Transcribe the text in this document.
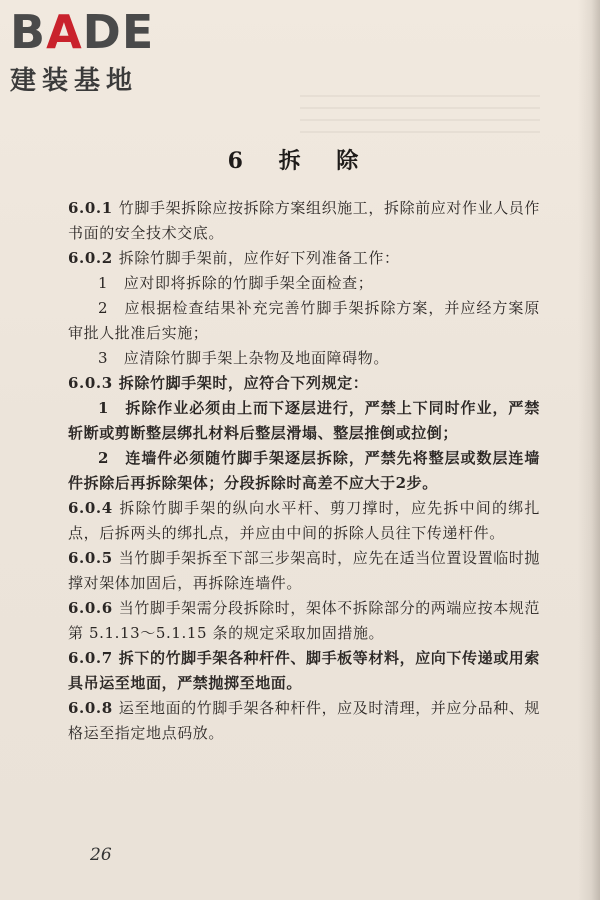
BADE
建装基地
6 拆 除

6.0.1 竹脚手架拆除应按拆除方案组织施工，拆除前应对作业人员作书面的安全技术交底。

6.0.2 拆除竹脚手架前，应作好下列准备工作：

1　应对即将拆除的竹脚手架全面检查；

2　应根据检查结果补充完善竹脚手架拆除方案，并应经方案原审批人批准后实施；

3　应清除竹脚手架上杂物及地面障碍物。

6.0.3 拆除竹脚手架时，应符合下列规定：

1　拆除作业必须由上而下逐层进行，严禁上下同时作业，严禁斩断或剪断整层绑扎材料后整层滑塌、整层推倒或拉倒；

2　连墙件必须随竹脚手架逐层拆除，严禁先将整层或数层连墙件拆除后再拆除架体；分段拆除时高差不应大于2步。

6.0.4 拆除竹脚手架的纵向水平杆、剪刀撑时，应先拆中间的绑扎点，后拆两头的绑扎点，并应由中间的拆除人员往下传递杆件。

6.0.5 当竹脚手架拆至下部三步架高时，应先在适当位置设置临时抛撑对架体加固后，再拆除连墙件。

6.0.6 当竹脚手架需分段拆除时，架体不拆除部分的两端应按本规范第 5.1.13～5.1.15 条的规定采取加固措施。

6.0.7 拆下的竹脚手架各种杆件、脚手板等材料，应向下传递或用索具吊运至地面，严禁抛掷至地面。

6.0.8 运至地面的竹脚手架各种杆件，应及时清理，并应分品种、规格运至指定地点码放。

26
